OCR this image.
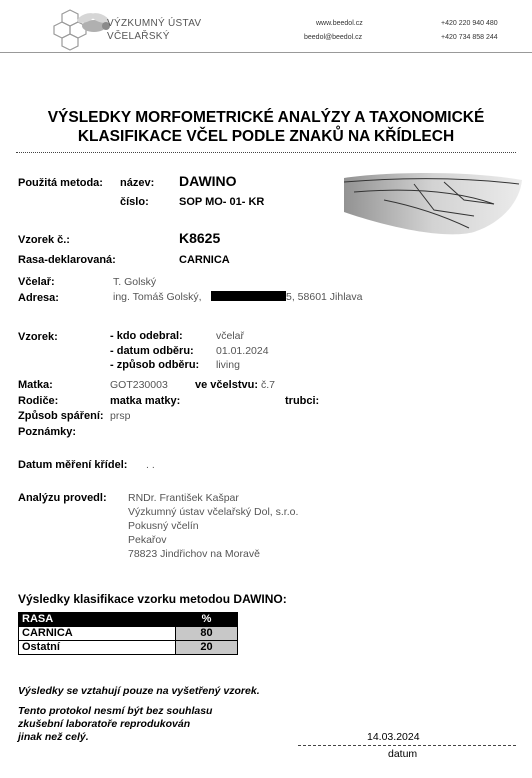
VÝZKUMNÝ ÚSTAV
VČELAŘSKÝ
www.beedol.cz
beedol@beedol.cz
+420 220 940 480
+420 734 858 244
VÝSLEDKY MORFOMETRICKÉ ANALÝZY A TAXONOMICKÉ
KLASIFIKACE VČEL PODLE ZNAKŮ NA KŘÍDLECH
Použitá metoda: název: DAWINO
číslo:	SOP MO- 01- KR
Vzorek č.:	K8625
Rasa-deklarovaná:	CARNICA
Včelař:	T. Golský
Adresa:	ing. Tomáš Golský,	5, 58601 Jihlava
Vzorek:	- kdo odebral:	včelař
- datum odběru: 01.01.2024
- způsob odběru: living
Matka:	GOT230003 ve včelstvu: č.7
Rodiče:	matka matky:	trubci:
Způsob spáření: prsp
Poznámky:
Datum měření křídel: . .
Analýzu provedl: RNDr. František Kašpar
Výzkumný ústav včelařský Dol, s.r.o.
Pokusný včelín
Pekařov
78823 Jindřichov na Moravě
Výsledky klasifikace vzorku metodou DAWINO:
RASA	%
CARNICA	80
Ostatní	20
Výsledky se vztahují pouze na vyšetřený vzorek.
Tento protokol nesmí být bez souhlasu
zkušební laboratoře reprodukován
jinak než celý.	14.03.2024
datum
